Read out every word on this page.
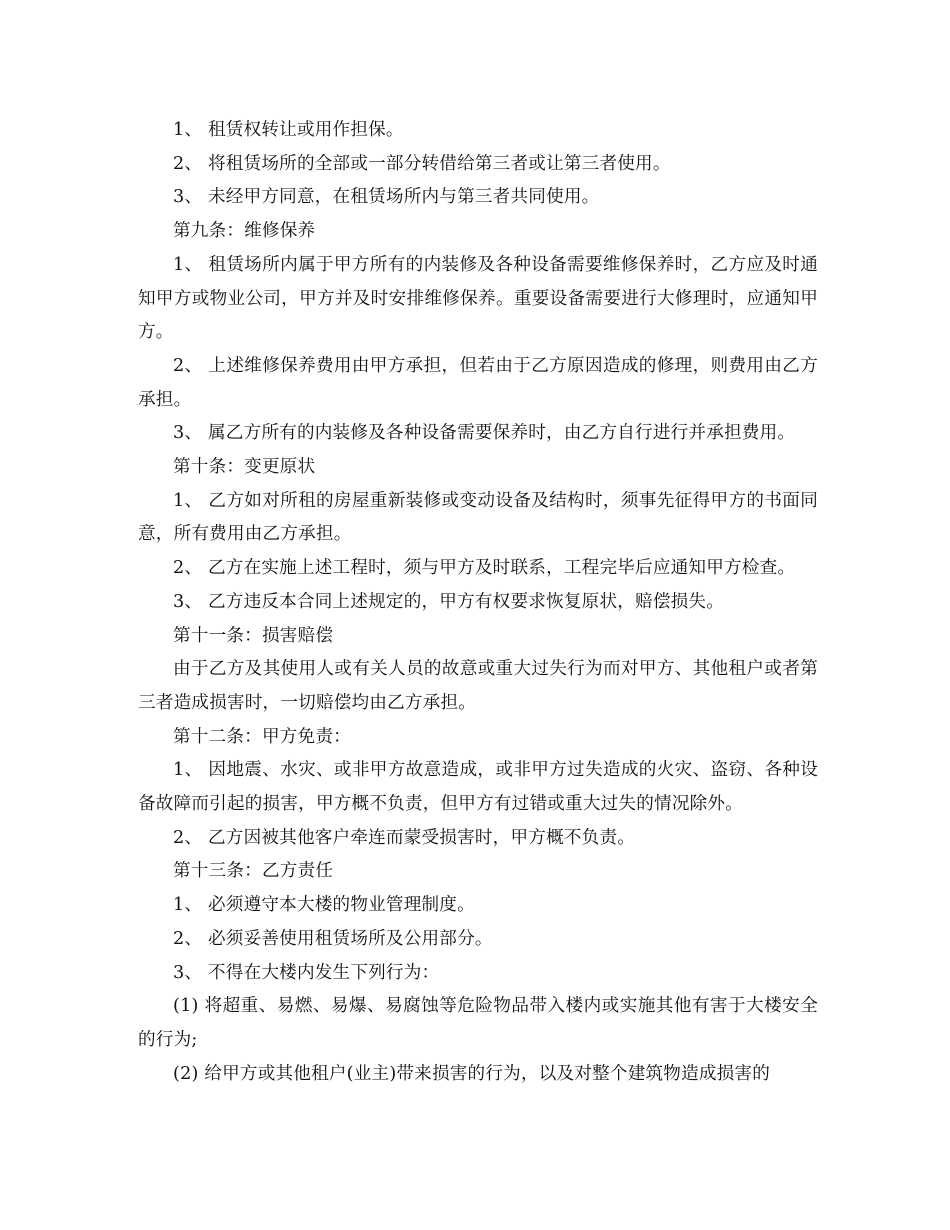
1、 租赁权转让或用作担保。

2、 将租赁场所的全部或一部分转借给第三者或让第三者使用。

3、 未经甲方同意，在租赁场所内与第三者共同使用。

第九条：维修保养

1、 租赁场所内属于甲方所有的内装修及各种设备需要维修保养时，乙方应及时通知甲方或物业公司，甲方并及时安排维修保养。重要设备需要进行大修理时，应通知甲方。

2、 上述维修保养费用由甲方承担，但若由于乙方原因造成的修理，则费用由乙方承担。

3、 属乙方所有的内装修及各种设备需要保养时，由乙方自行进行并承担费用。

第十条：变更原状

1、 乙方如对所租的房屋重新装修或变动设备及结构时，须事先征得甲方的书面同意，所有费用由乙方承担。

2、 乙方在实施上述工程时，须与甲方及时联系，工程完毕后应通知甲方检查。

3、 乙方违反本合同上述规定的，甲方有权要求恢复原状，赔偿损失。

第十一条：损害赔偿

由于乙方及其使用人或有关人员的故意或重大过失行为而对甲方、其他租户或者第三者造成损害时，一切赔偿均由乙方承担。

第十二条：甲方免责：

1、 因地震、水灾、或非甲方故意造成，或非甲方过失造成的火灾、盗窃、各种设备故障而引起的损害，甲方概不负责，但甲方有过错或重大过失的情况除外。

2、 乙方因被其他客户牵连而蒙受损害时，甲方概不负责。

第十三条：乙方责任

1、 必须遵守本大楼的物业管理制度。

2、 必须妥善使用租赁场所及公用部分。

3、 不得在大楼内发生下列行为：

(1) 将超重、易燃、易爆、易腐蚀等危险物品带入楼内或实施其他有害于大楼安全的行为;

(2) 给甲方或其他租户(业主)带来损害的行为，以及对整个建筑物造成损害的
